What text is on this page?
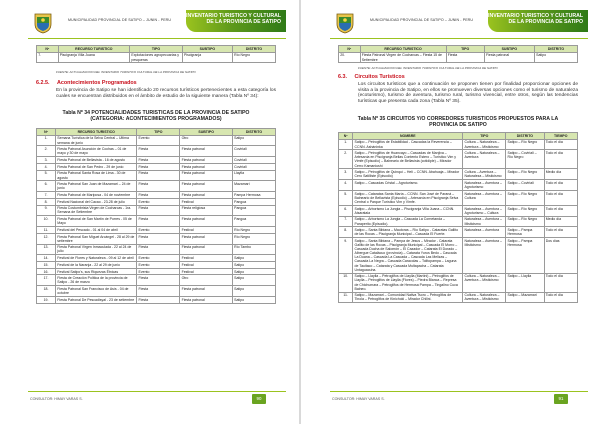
MUNICIPALIDAD PROVINCIAL DE SATIPO – JUNIN - PERU
INVENTARIO TURISTICO Y CULTURAL DE LA PROVINCIA DE SATIPO
Nº	RECURSO TURISTICO	TIPO	SUBTIPO	DISTRITO
7.	Piscigranja Villa Juana	Explotaciones agropecuarias y pesqueras	Piscigranja	Río Negro
FUENTE: ACTUALIZACION DEL INVENTARIO TURISTICO CULTURAL DE LA PROVINCIA DE SATIPO
6.2.5. Acontecimientos Programados
En la provincia de Satipo se han identificado 20 recursos turísticos pertenecientes a esta categoría los cuales se encuentran distribuidos en el ámbito de estudio de la siguiente manera (Tabla Nº 34):
Tabla Nº 34 POTENCIALIDADES TURISTICAS DE LA PROVINCIA DE SATIPO (CATEGORIA: ACONTECIMIENTOS PROGRAMADOS)
Nº	RECURSO TURISTICO	TIPO	SUBTIPO	DISTRITO
1.	Semana Turística de la Selva Central – Ultima semana de junio	Evento	Otro	Satipo
2.	Fiesta Patronal Asunción de Cochas – 01 de mayo y 30 de mayo	Fiesta	Fiesta patronal	Coviriali
3.	Fiesta Patronal de Bellavista - 16 de agosto	Fiesta	Fiesta patronal	Coviriali
4.	Fiesta Patronal de San Pedro - 29 de junio	Fiesta	Fiesta patronal	Coviriali
5.	Fiesta Patronal Santa Rosa de Lima - 30 de agosto	Fiesta	Fiesta patronal	Llaylla
6.	Fiesta Patronal San Juan de Mazamari – 24 de junio	Fiesta	Fiesta patronal	Mazamari
7.	Fiesta Patronal de Mariposa - 04 de noviembre	Fiesta	Fiesta patronal	Pampa Hermosa
8.	Festival Nacional del Cacao - 23-28 de julio	Evento	Festival	Pangoa
9.	Fiesta Costumbrista Virgen de Cocharcas - 1ra. Semana de Setiembre	Fiesta	Fiesta religiosa	Pangoa
10.	Fiesta Patronal de San Martín de Porres - 05 de Mayo	Fiesta	Fiesta patronal	Pangoa
11.	Festival del Pescado - 01 al 04 de abril	Evento	Festival	Río Negro
12.	Fiesta Patronal San Miguel Arcángel - 28 al 29 de setiembre	Fiesta	Fiesta patronal	Río Negro
13.	Fiesta Patronal Virgen Inmaculada - 22 al 24 de julio	Fiesta	Fiesta patronal	Río Tambo
14.	Festival de Flores y Naturaleza - 09 al 12 de abril	Evento	Festival	Satipo
15.	Festival de la Naranja - 22 al 29 de junio	Evento	Festival	Satipo
16.	Festival Satipo's, sus Riquezas Étnicas	Evento	Festival	Satipo
17.	Fiesta de Creación Política de la provincia de Satipo - 26 de marzo	Fiesta	Otro	Satipo
18.	Fiesta Patronal San Francisco de Asís - 04 de octubre	Fiesta	Fiesta patronal	Satipo
19.	Fiesta Patronal De Pescadisyal - 23 de setiembre	Fiesta	Fiesta patronal	Satipo
CONSULTOR: HIMAY VARAS S.	90
MUNICIPALIDAD PROVINCIAL DE SATIPO – JUNIN - PERU
INVENTARIO TURISTICO Y CULTURAL DE LA PROVINCIA DE SATIPO
Nº	RECURSO TURISTICO	TIPO	SUBTIPO	DISTRITO
20.	Fiesta Patronal Virgen de Cocharcas – Fiesta 15 de Setiembre	Fiesta	Fiesta patronal	Satipo
FUENTE: ACTUALIZACION DEL INVENTARIO TURISTICO CULTURAL DE LA PROVINCIA DE SATIPO
6.3. Circuitos Turísticos
Los circuitos turísticos que a continuación se proponen tienen por finalidad proporcionar opciones de visita a la provincia de Satipo, en ellos se promueven diversas opciones como el turismo de naturaleza (ecoturismo), turismo de aventura, turismo rural, turismo vivencial, entre otros, según las tendencias turísticas que presenta cada zona (Tabla Nº 35).
Tabla Nº 35 CIRCUITOS Y/O CORREDORES TURISTICOS PROPUESTOS PARA LA PROVINCIA DE SATIPO
Nº	NOMBRE	TIPO	DISTRITO	TIEMPO
1.	Satipo – Petroglifos de Estabilidad - Cascadas la Reverencia – CCNN. Asháninka	Cultura – Naturaleza – Aventura – Misticismo	Satipo – Río Negro	Todo el día
2.	Satipo – Petroglifos de Huancayo – Cascadas de Manjiva – Artesanía en Piscigranja Bellas Contento Estero – Turístico Vim y Vimfe (Episodio) – Balneario de Bellavista (cotidiple) – Mirador Cerro Kamaniushi	Cultura – Naturaleza – Aventura	Satipo – Coviriali – Río Negro	Todo el día
3.	Satipo – Petroglifos de Quinquí – Heli – CCNN. Abahuaja – Mirador Cero Satilliste (Episodio)	Cultura – Aventura – Naturaleza – Misticismo	Satipo – Río Negro	Medio día
4.	Satipo – Cascadas Cristal – Agroturismo.	Naturaleza – Aventura – Agroturismo	Satipo – Coviriali	Todo el día
5.	Satipo – Cataratas Santa María – CCNN. San José de Paraná – Balneario de Bellavista (Episodio) – Artesanía en Piscigranja Selva Central o Parque Turístico Vim y Vimfe.	Naturaleza – Aventura – Cultura	Satipo – Río Negro	Todo el día
6.	Satipo – Arborismo La Jungla – Piscigranja Villa Juana – CCNN. Aisarataia	Naturaleza – Aventura – Agroturismo – Cultura	Satipo – Río Negro	Todo el día
7.	Satipo – Arborismo La Jungla – Cascada La Cornetanda – Paraperito (Episodio).	Naturaleza – Aventura – Misticismo	Satipo – Río Negro	Medio día
8.	Satipo – Santa Bibiana – Mautoras – Río Satipo - Cataratas Gallito de las Rocas – Piscigranja Municipal – Cascada El Fuerte.	Naturaleza – Aventura	Satipo – Pampa Hermosa	Todo el día
9.	Satipo – Santa Bibiana – Pampa de Jesus – Mirador - Catarata Gallito de las Rocas – Piscigranja Municipal – Cascada El Morro – Cascada Ducha de Salomón – El Cazador – Catarata El Dorado – Albergue Catalácuo (provincia) – Catarata Yurus Bedo – Cascada La Duana – Cascada La Cascada – Cascada Las Melizas – Cascada La Negra – Cascada Caracolas – Tolitopampa – Laguna de Tauitaco – Catarata y Cascada Multapacha – Catarata Untaguacuha.	Naturaleza – Aventura – Misticismo	Satipo – Pampa Hermosa	Dos días
10.	Satipo – Llaylla – Petroglifos de Llaylla (Martíni) – Petroglifos de Llaylla – Petroglifos de Llaylla (Flores) – Piedra Blanca – Represa de Chichumara – Petroglifos de Hermosa Pampa – Tingalino Cuca Balneo.	Cultura – Naturaleza – Aventura – Misticismo	Satipo – Llaylla	Todo el día
11.	Satipo – Mazamari – Comunidad Nativa Tsoro – Petroglifos de Tinola – Petroglifos de Kinichoki – Mirador Chilini.	Cultura – Naturaleza – Aventura – Misticismo	Satipo – Mazamari	Todo el día
CONSULTOR: HIMAY VARAS S.	91
